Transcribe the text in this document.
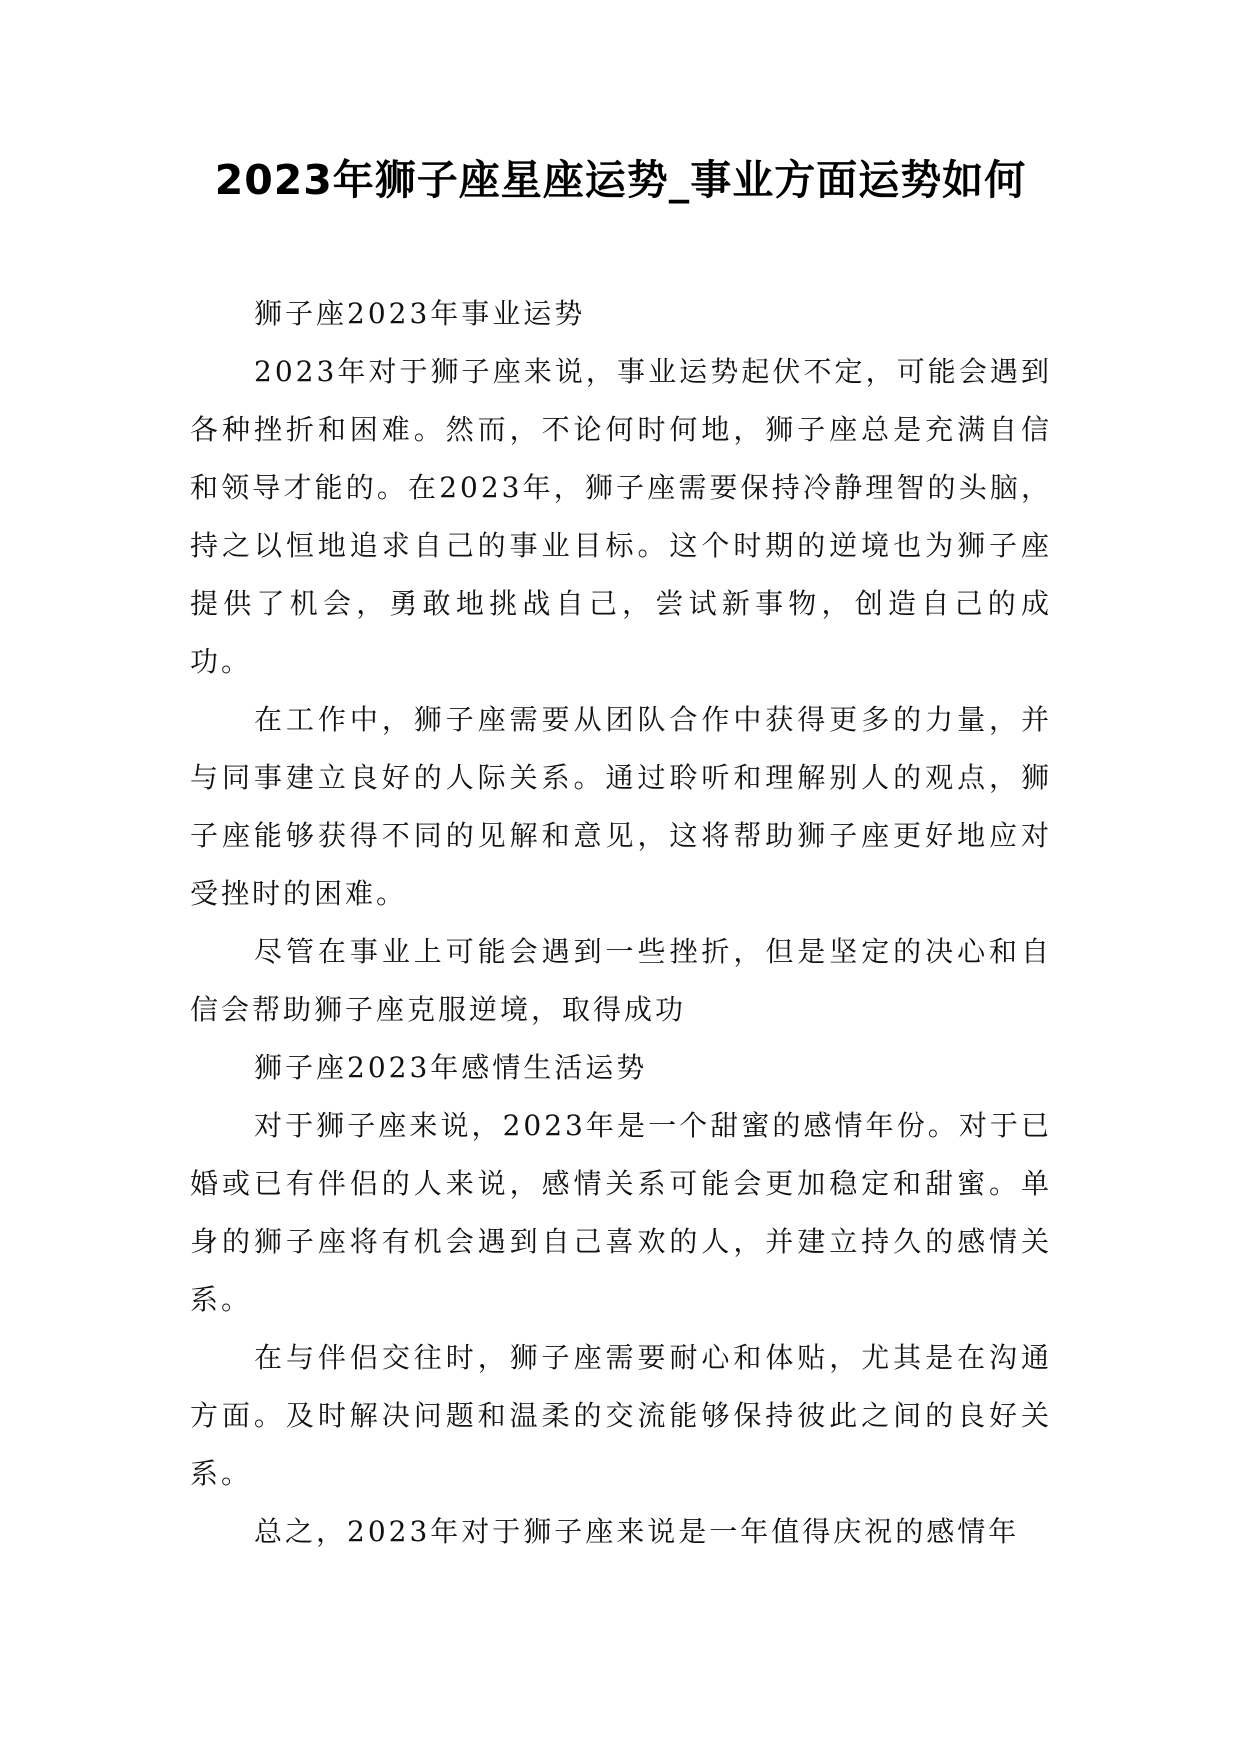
2023年狮子座星座运势_事业方面运势如何

狮子座2023年事业运势

2023年对于狮子座来说，事业运势起伏不定，可能会遇到各种挫折和困难。然而，不论何时何地，狮子座总是充满自信和领导才能的。在2023年，狮子座需要保持冷静理智的头脑，持之以恒地追求自己的事业目标。这个时期的逆境也为狮子座提供了机会，勇敢地挑战自己，尝试新事物，创造自己的成功。

在工作中，狮子座需要从团队合作中获得更多的力量，并与同事建立良好的人际关系。通过聆听和理解别人的观点，狮子座能够获得不同的见解和意见，这将帮助狮子座更好地应对受挫时的困难。

尽管在事业上可能会遇到一些挫折，但是坚定的决心和自信会帮助狮子座克服逆境，取得成功

狮子座2023年感情生活运势

对于狮子座来说，2023年是一个甜蜜的感情年份。对于已婚或已有伴侣的人来说，感情关系可能会更加稳定和甜蜜。单身的狮子座将有机会遇到自己喜欢的人，并建立持久的感情关系。

在与伴侣交往时，狮子座需要耐心和体贴，尤其是在沟通方面。及时解决问题和温柔的交流能够保持彼此之间的良好关系。

总之，2023年对于狮子座来说是一年值得庆祝的感情年
